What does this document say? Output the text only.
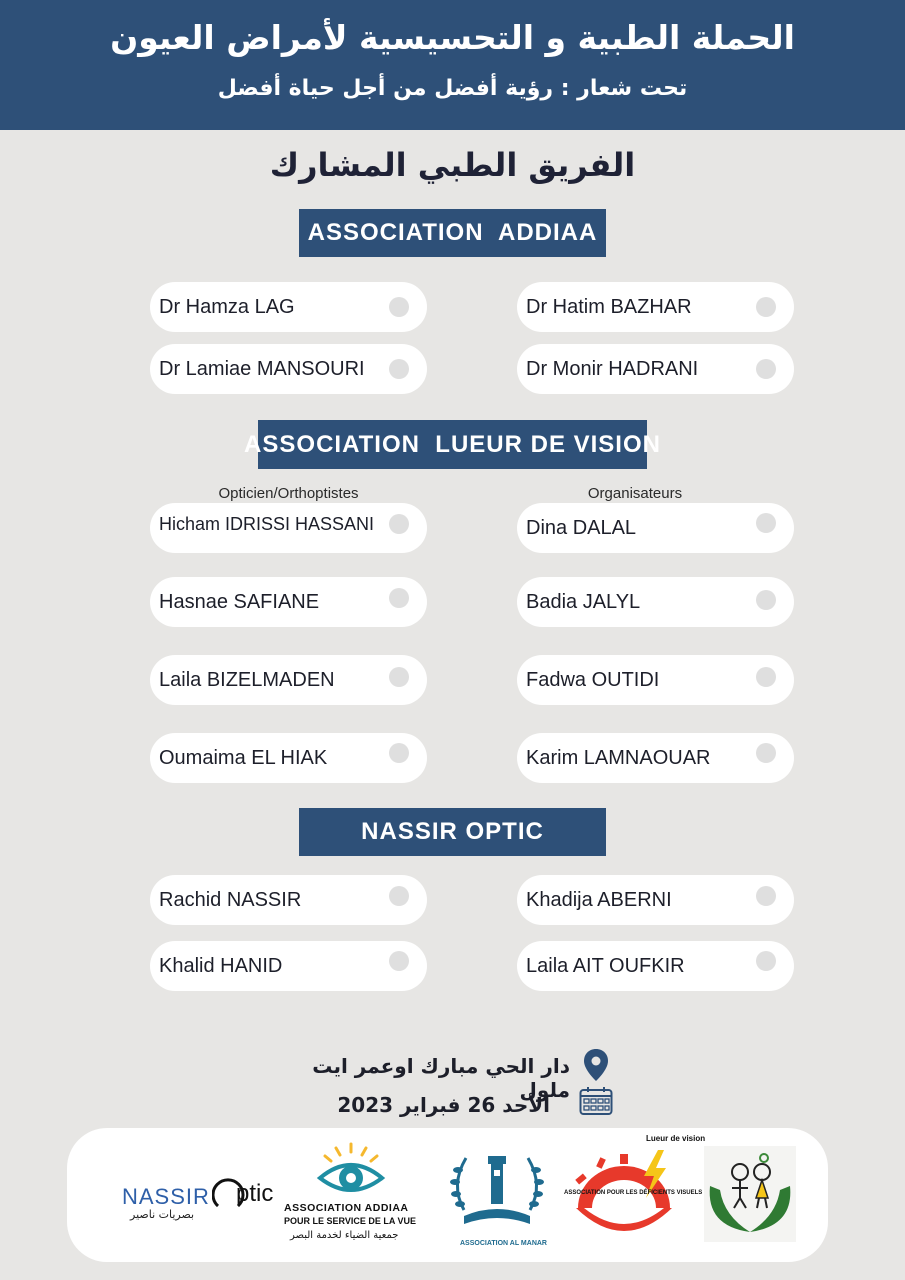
الحملة الطبية و التحسيسية لأمراض العيون
تحت شعار : رؤية أفضل من أجل حياة أفضل
الفريق الطبي المشارك
ASSOCIATION  ADDIAA
Dr Hamza LAG	Dr Hatim BAZHAR
Dr Lamiae MANSOURI	Dr Monir HADRANI
ASSOCIATION  LUEUR DE VISION
Opticien/Orthoptistes	Organisateurs
Hicham IDRISSI HASSANI	Dina DALAL
Hasnae SAFIANE	Badia JALYL
Laila BIZELMADEN	Fadwa OUTIDI
Oumaima EL HIAK	Karim LAMNAOUAR
NASSIR OPTIC
Rachid NASSIR	Khadija ABERNI
Khalid HANID	Laila AIT OUFKIR
دار الحي مبارك اوعمر ايت ملول
الأحد 26 فبراير 2023
NASSIR ptic
بصريات ناصير	ASSOCIATION ADDIAA
POUR LE SERVICE DE LA VUE
جمعية الضياء لخدمة البصر
ASSOCIATION AL MANAR
Lueur de vision
ASSOCIATION POUR LES DÉFICIENTS VISUELS
